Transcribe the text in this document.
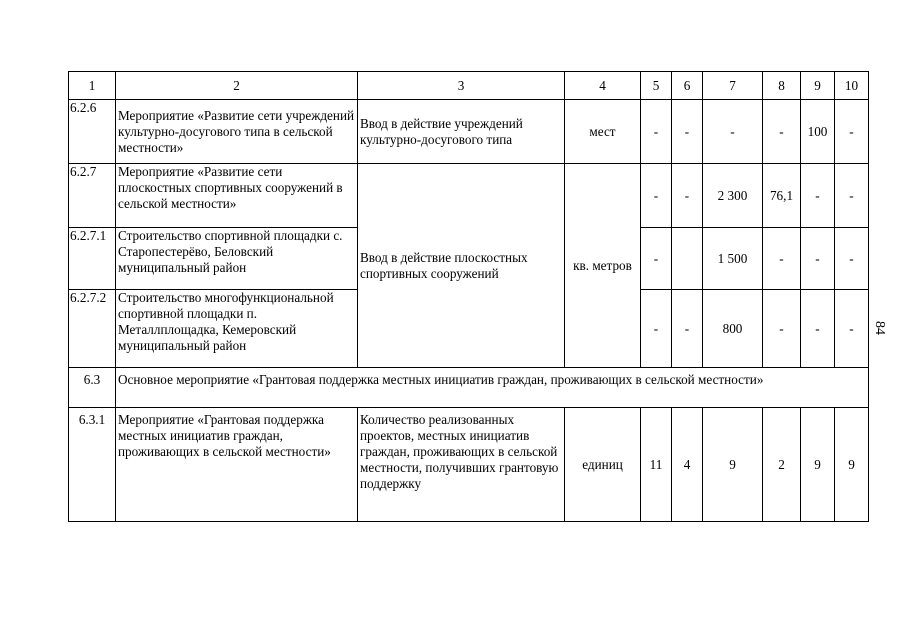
1	2	3	4	5	6	7	8	9	10
6.2.6	Мероприятие «Развитие сети учреждений культурно-досугового типа в сельской местности»	Ввод в действие учреждений культурно-досугового типа	мест	-	-	-	-	100	-
6.2.7	Мероприятие «Развитие сети плоскостных спортивных сооружений в сельской местности»	Ввод в действие плоскостных спортивных сооружений	кв. метров	-	-	2 300	76,1	-	-
6.2.7.1	Строительство спортивной площадки с. Старопестерёво, Беловский муниципальный район			-		1 500	-	-	-
6.2.7.2	Строительство многофункциональной спортивной площадки п. Металлплощадка, Кемеровский муниципальный район			-	-	800	-	-	-
6.3	Основное мероприятие «Грантовая поддержка местных инициатив граждан, проживающих в сельской местности»								
6.3.1	Мероприятие «Грантовая поддержка местных инициатив граждан, проживающих в сельской местности»	Количество реализованных проектов, местных инициатив граждан, проживающих в сельской местности, получивших грантовую поддержку	единиц	11	4	9	2	9	9
84
